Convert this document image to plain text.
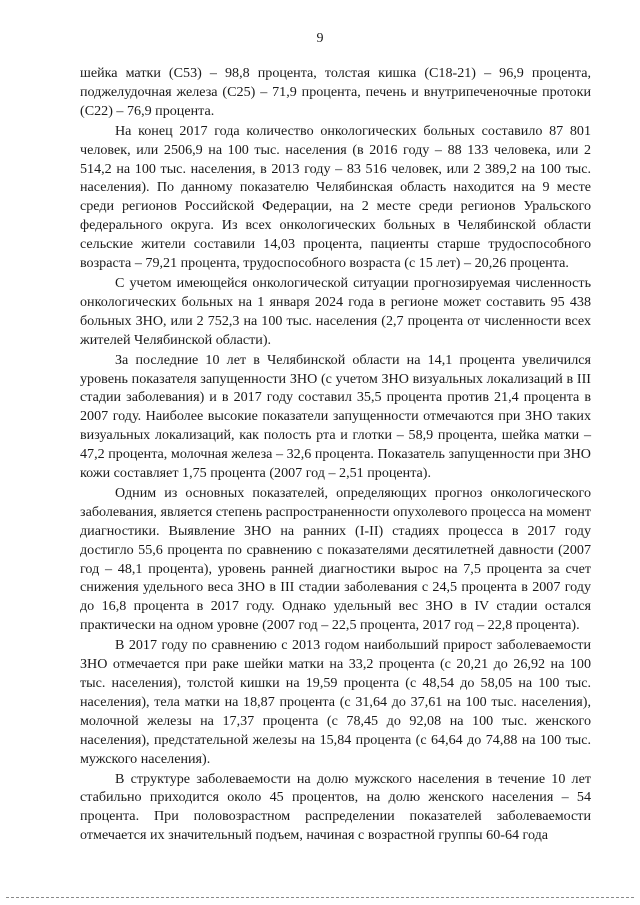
9

шейка матки (С53) – 98,8 процента, толстая кишка (С18-21) – 96,9 процента, поджелудочная железа (С25) – 71,9 процента, печень и внутрипеченочные протоки (С22) – 76,9 процента.

На конец 2017 года количество онкологических больных составило 87 801 человек, или 2506,9 на 100 тыс. населения (в 2016 году – 88 133 человека, или 2 514,2 на 100 тыс. населения, в 2013 году – 83 516 человек, или 2 389,2 на 100 тыс. населения). По данному показателю Челябинская область находится на 9 месте среди регионов Российской Федерации, на 2 месте среди регионов Уральского федерального округа. Из всех онкологических больных в Челябинской области сельские жители составили 14,03 процента, пациенты старше трудоспособного возраста – 79,21 процента, трудоспособного возраста (с 15 лет) – 20,26 процента.

С учетом имеющейся онкологической ситуации прогнозируемая численность онкологических больных на 1 января 2024 года в регионе может составить 95 438 больных ЗНО, или 2 752,3 на 100 тыс. населения (2,7 процента от численности всех жителей Челябинской области).

За последние 10 лет в Челябинской области на 14,1 процента увеличился уровень показателя запущенности ЗНО (с учетом ЗНО визуальных локализаций в III стадии заболевания) и в 2017 году составил 35,5 процента против 21,4 процента в 2007 году. Наиболее высокие показатели запущенности отмечаются при ЗНО таких визуальных локализаций, как полость рта и глотки – 58,9 процента, шейка матки – 47,2 процента, молочная железа – 32,6 процента. Показатель запущенности при ЗНО кожи составляет 1,75 процента (2007 год – 2,51 процента).

Одним из основных показателей, определяющих прогноз онкологического заболевания, является степень распространенности опухолевого процесса на момент диагностики. Выявление ЗНО на ранних (I-II) стадиях процесса в 2017 году достигло 55,6 процента по сравнению с показателями десятилетней давности (2007 год – 48,1 процента), уровень ранней диагностики вырос на 7,5 процента за счет снижения удельного веса ЗНО в III стадии заболевания с 24,5 процента в 2007 году до 16,8 процента в 2017 году. Однако удельный вес ЗНО в IV стадии остался практически на одном уровне (2007 год – 22,5 процента, 2017 год – 22,8 процента).

В 2017 году по сравнению с 2013 годом наибольший прирост заболеваемости ЗНО отмечается при раке шейки матки на 33,2 процента (с 20,21 до 26,92 на 100 тыс. населения), толстой кишки на 19,59 процента (с 48,54 до 58,05 на 100 тыс. населения), тела матки на 18,87 процента (с 31,64 до 37,61 на 100 тыс. населения), молочной железы на 17,37 процента (с 78,45 до 92,08 на 100 тыс. женского населения), предстательной железы на 15,84 процента (с 64,64 до 74,88 на 100 тыс. мужского населения).

В структуре заболеваемости на долю мужского населения в течение 10 лет стабильно приходится около 45 процентов, на долю женского населения – 54 процента. При половозрастном распределении показателей заболеваемости отмечается их значительный подъем, начиная с возрастной группы 60-64 года
